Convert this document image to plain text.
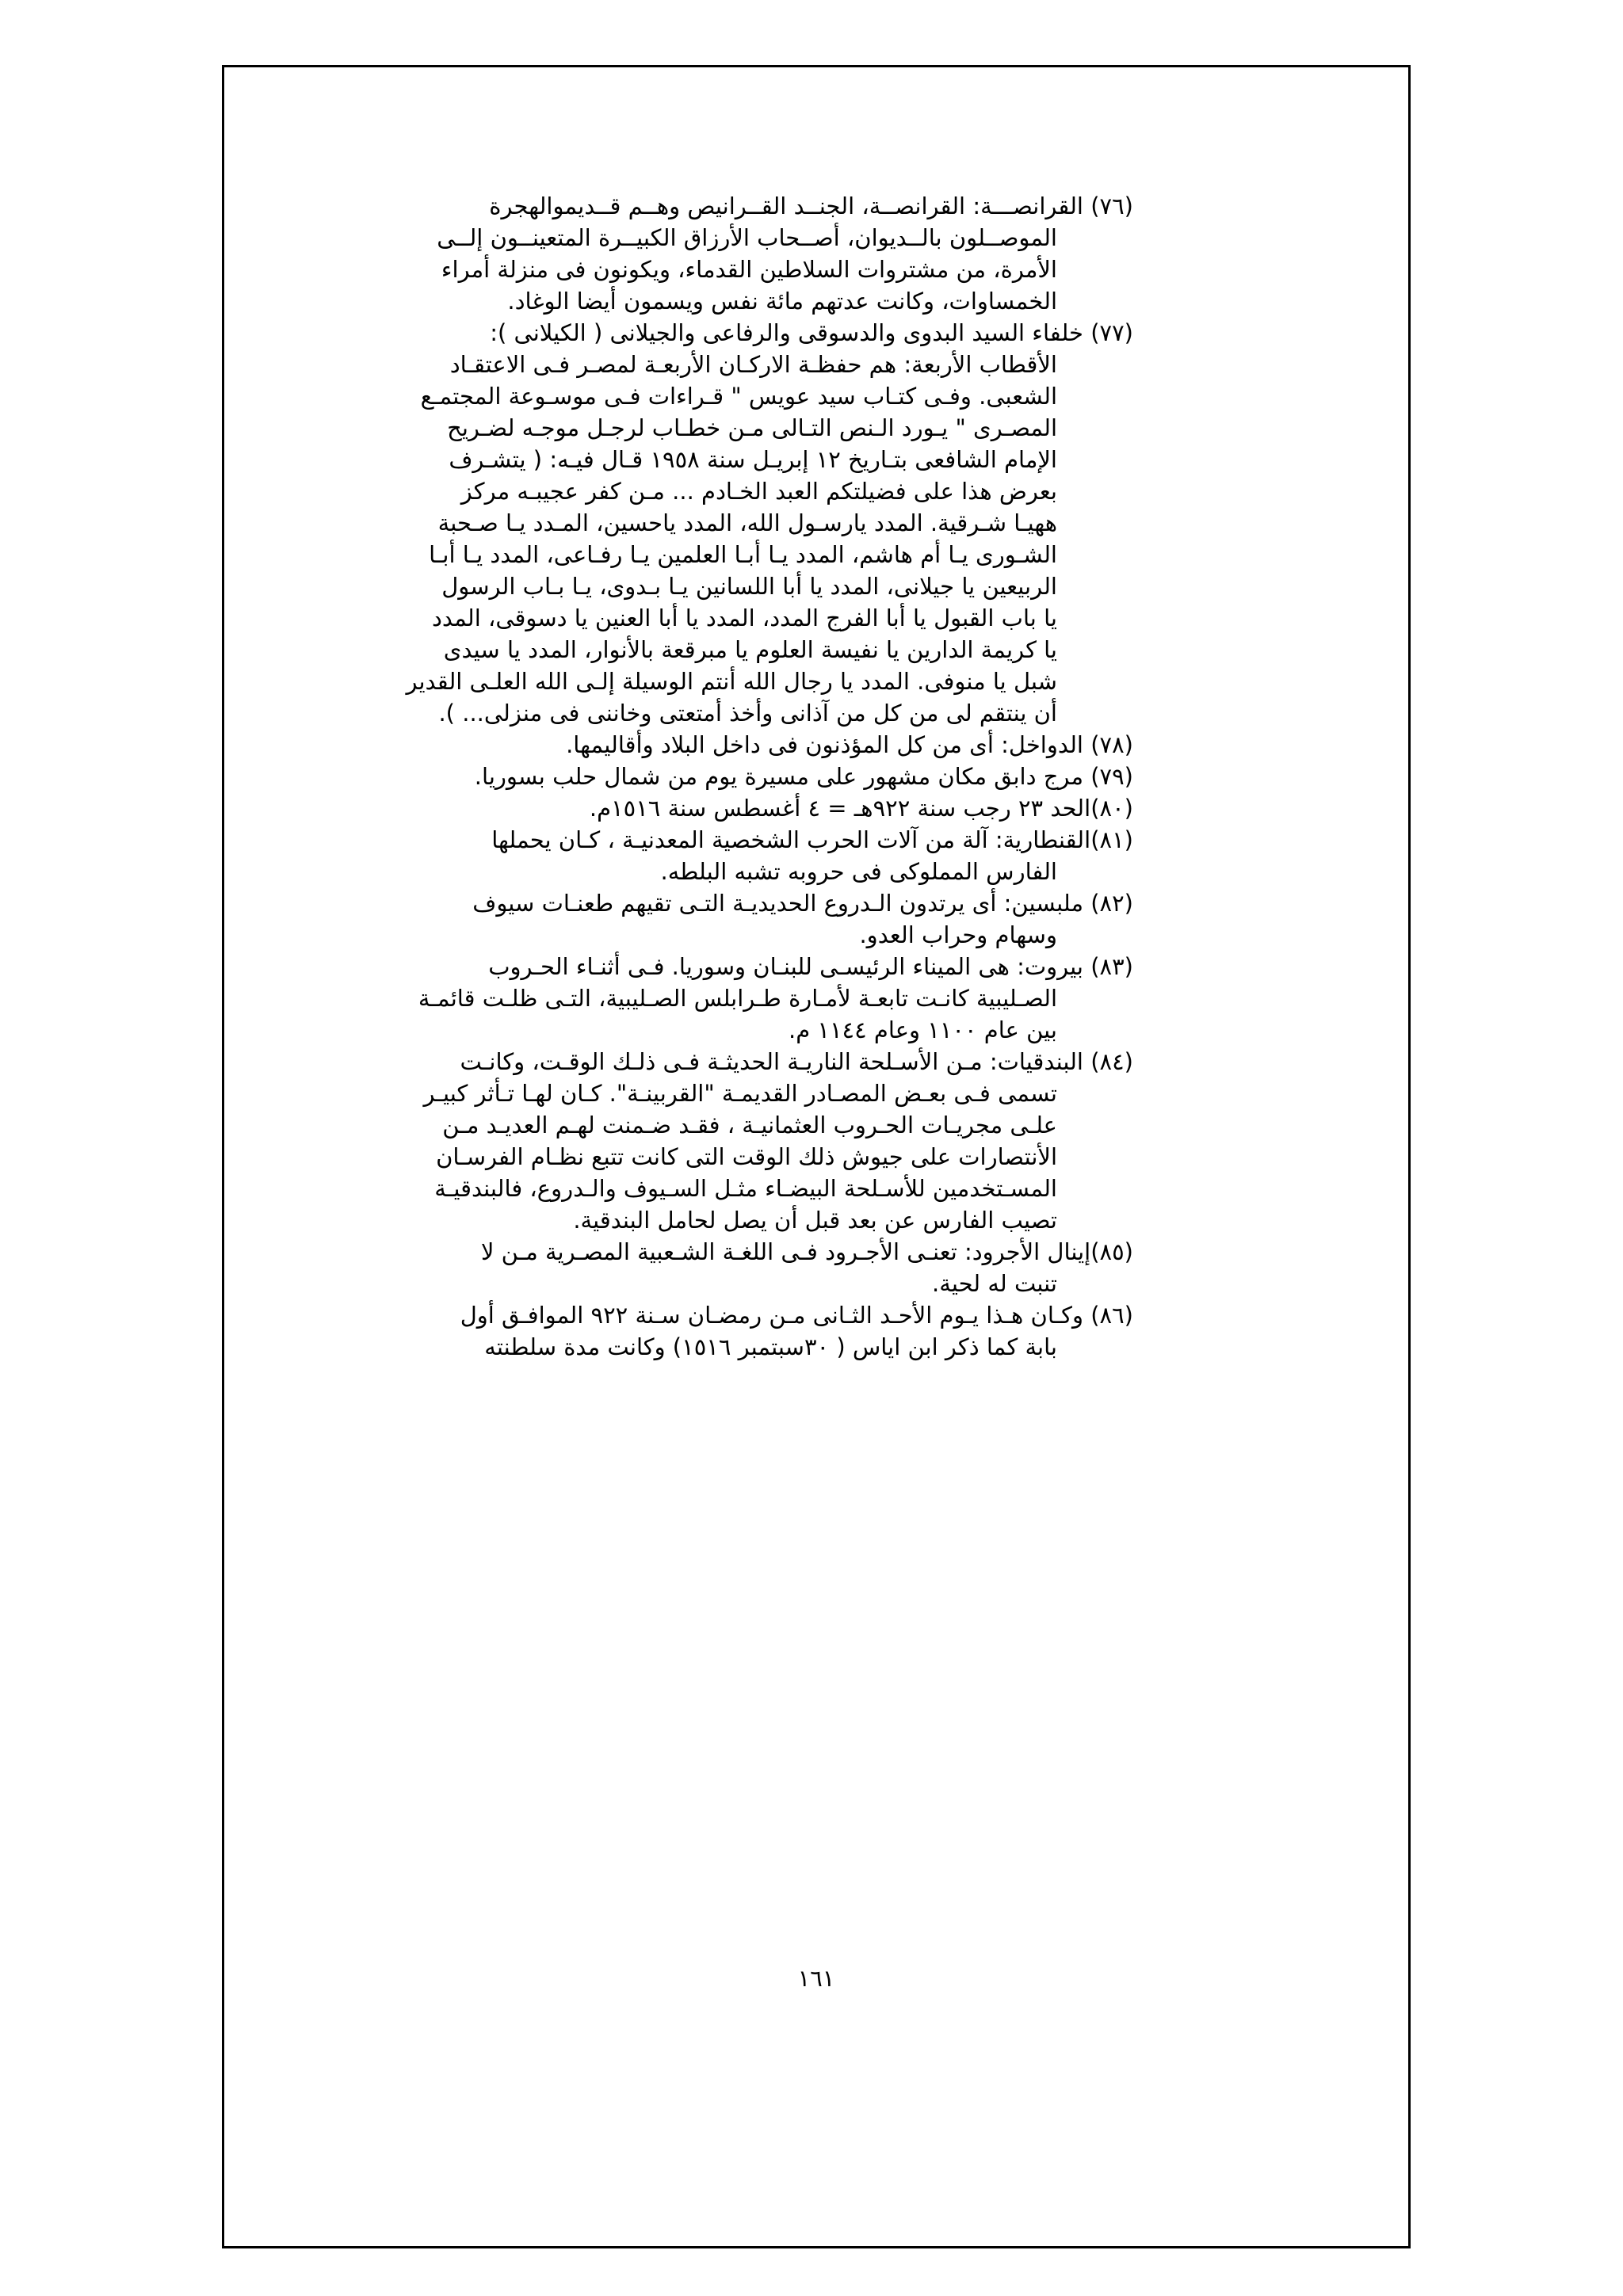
(٧٦) القرانصـــة: القرانصــة، الجنــد القــرانيص وهــم قــديموالهجرة
الموصــلون بالــديوان، أصــحاب الأرزاق الكبيــرة المتعينــون إلــى
الأمرة، من مشتروات السلاطين القدماء، ويكونون فى منزلة أمراء
الخمساوات، وكانت عدتهم مائة نفس ويسمون أيضا الوغاد.
(٧٧) خلفاء السيد البدوى والدسوقى والرفاعى والجيلانى ( الكيلانى ):
الأقطاب الأربعة: هم حفظـة الاركـان الأربعـة لمصـر فـى الاعتقـاد
الشعبى. وفـى كتـاب سيد عويس " قـراءات فـى موسـوعة المجتمـع
المصـرى " يـورد الـنص التـالى مـن خطـاب لرجـل موجـه لضـريح
الإمام الشافعى بتـاريخ ١٢ إبريـل سنة ١٩٥٨ قـال فيـه: ( يتشـرف
بعرض هذا على فضيلتكم العبد الخـادم ... مـن كفر عجيبـه مركز
ههيـا شـرقية. المدد يارسـول الله، المدد ياحسين، المـدد يـا صـحبة
الشـورى يـا أم هاشم، المدد يـا أبـا العلمين يـا رفـاعى، المدد يـا أبـا
الربيعين يا جيلانى، المدد يا أبا اللسانين يـا بـدوى، يـا بـاب الرسول
يا باب القبول يا أبا الفرج المدد، المدد يا أبا العنين يا دسوقى، المدد
يا كريمة الدارين يا نفيسة العلوم يا مبرقعة بالأنوار، المدد يا سيدى
شبل يا منوفى. المدد يا رجال الله أنتم الوسيلة إلـى الله العلـى القدير
أن ينتقم لى من كل من آذانى وأخذ أمتعتى وخاننى فى منزلى... ).
(٧٨) الدواخل: أى من كل المؤذنون فى داخل البلاد وأقاليمها.
(٧٩) مرج دابق مكان مشهور على مسيرة يوم من شمال حلب بسوريا.
(٨٠)الحد ٢٣ رجب سنة ٩٢٢هـ = ٤ أغسطس سنة ١٥١٦م.
(٨١)القنطارية: آلة من آلات الحرب الشخصية المعدنيـة ، كـان يحملها
الفارس المملوكى فى حروبه تشبه البلطه.
(٨٢) ملبسين: أى يرتدون الـدروع الحديديـة التـى تقيهم طعنـات سيوف
وسهام وحراب العدو.
(٨٣) بيروت: هى الميناء الرئيسـى للبنـان وسوريا. فـى أثنـاء الحـروب
الصـليبية كانـت تابعـة لأمـارة طـرابلس الصـليبية، التـى ظلـت قائمـة
بين عام ١١٠٠ وعام ١١٤٤ م.
(٨٤) البندقيات: مـن الأسـلحة الناريـة الحديثـة فـى ذلـك الوقـت، وكانـت
تسمى فـى بعـض المصـادر القديمـة "القربينـة". كـان لهـا تـأثر كبيـر
علـى مجريـات الحـروب العثمانيـة ، فقـد ضـمنت لهـم العديـد مـن
الأنتصارات على جيوش ذلك الوقت التى كانت تتبع نظـام الفرسـان
المسـتخدمين للأسـلحة البيضـاء مثـل السـيوف والـدروع، فالبندقيـة
تصيب الفارس عن بعد قبل أن يصل لحامل البندقية.
(٨٥)إينال الأجرود: تعنـى الأجـرود فـى اللغـة الشـعبية المصـرية مـن لا
تنبت له لحية.
(٨٦) وكـان هـذا يـوم الأحـد الثـانى مـن رمضـان سـنة ٩٢٢ الموافـق أول
بابة كما ذكر ابن اياس ( ٣٠سبتمبر ١٥١٦) وكانت مدة سلطنته
١٦١
